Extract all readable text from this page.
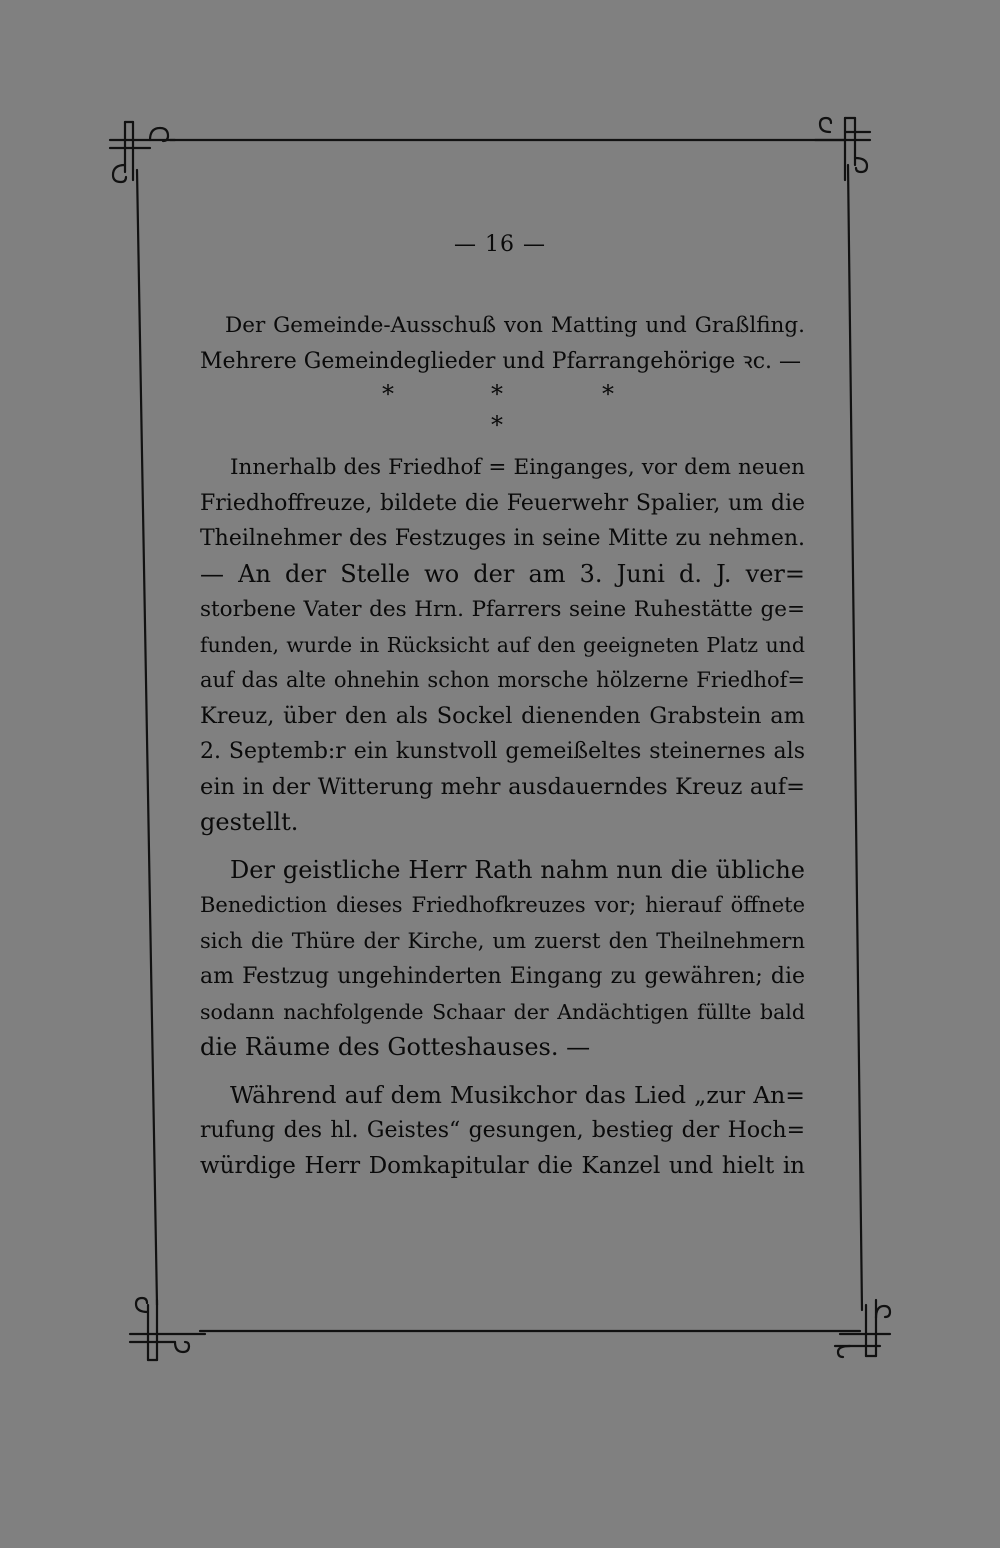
— 16 —
Der Gemeinde-Ausschuß von Matting und Graßlfing.
Mehrere Gemeindeglieder und Pfarrangehörige ꝛc. —
*	*	*
*
Innerhalb des Friedhof = Einganges, vor dem neuen
Friedhoffreuze, bildete die Feuerwehr Spalier, um die
Theilnehmer des Festzuges in seine Mitte zu nehmen.
— An der Stelle wo der am 3. Juni d. J. ver=
storbene Vater des Hrn. Pfarrers seine Ruhestätte ge=
funden, wurde in Rücksicht auf den geeigneten Platz und
auf das alte ohnehin schon morsche hölzerne Friedhof=
Kreuz, über den als Sockel dienenden Grabstein am
2. Septemb:r ein kunstvoll gemeißeltes steinernes als
ein in der Witterung mehr ausdauerndes Kreuz auf=
gestellt.
Der geistliche Herr Rath nahm nun die übliche
Benediction dieses Friedhofkreuzes vor; hierauf öffnete
sich die Thüre der Kirche, um zuerst den Theilnehmern
am Festzug ungehinderten Eingang zu gewähren; die
sodann nachfolgende Schaar der Andächtigen füllte bald
die Räume des Gotteshauses. —
Während auf dem Musikchor das Lied „zur An=
rufung des hl. Geistes“ gesungen, bestieg der Hoch=
würdige Herr Domkapitular die Kanzel und hielt in
